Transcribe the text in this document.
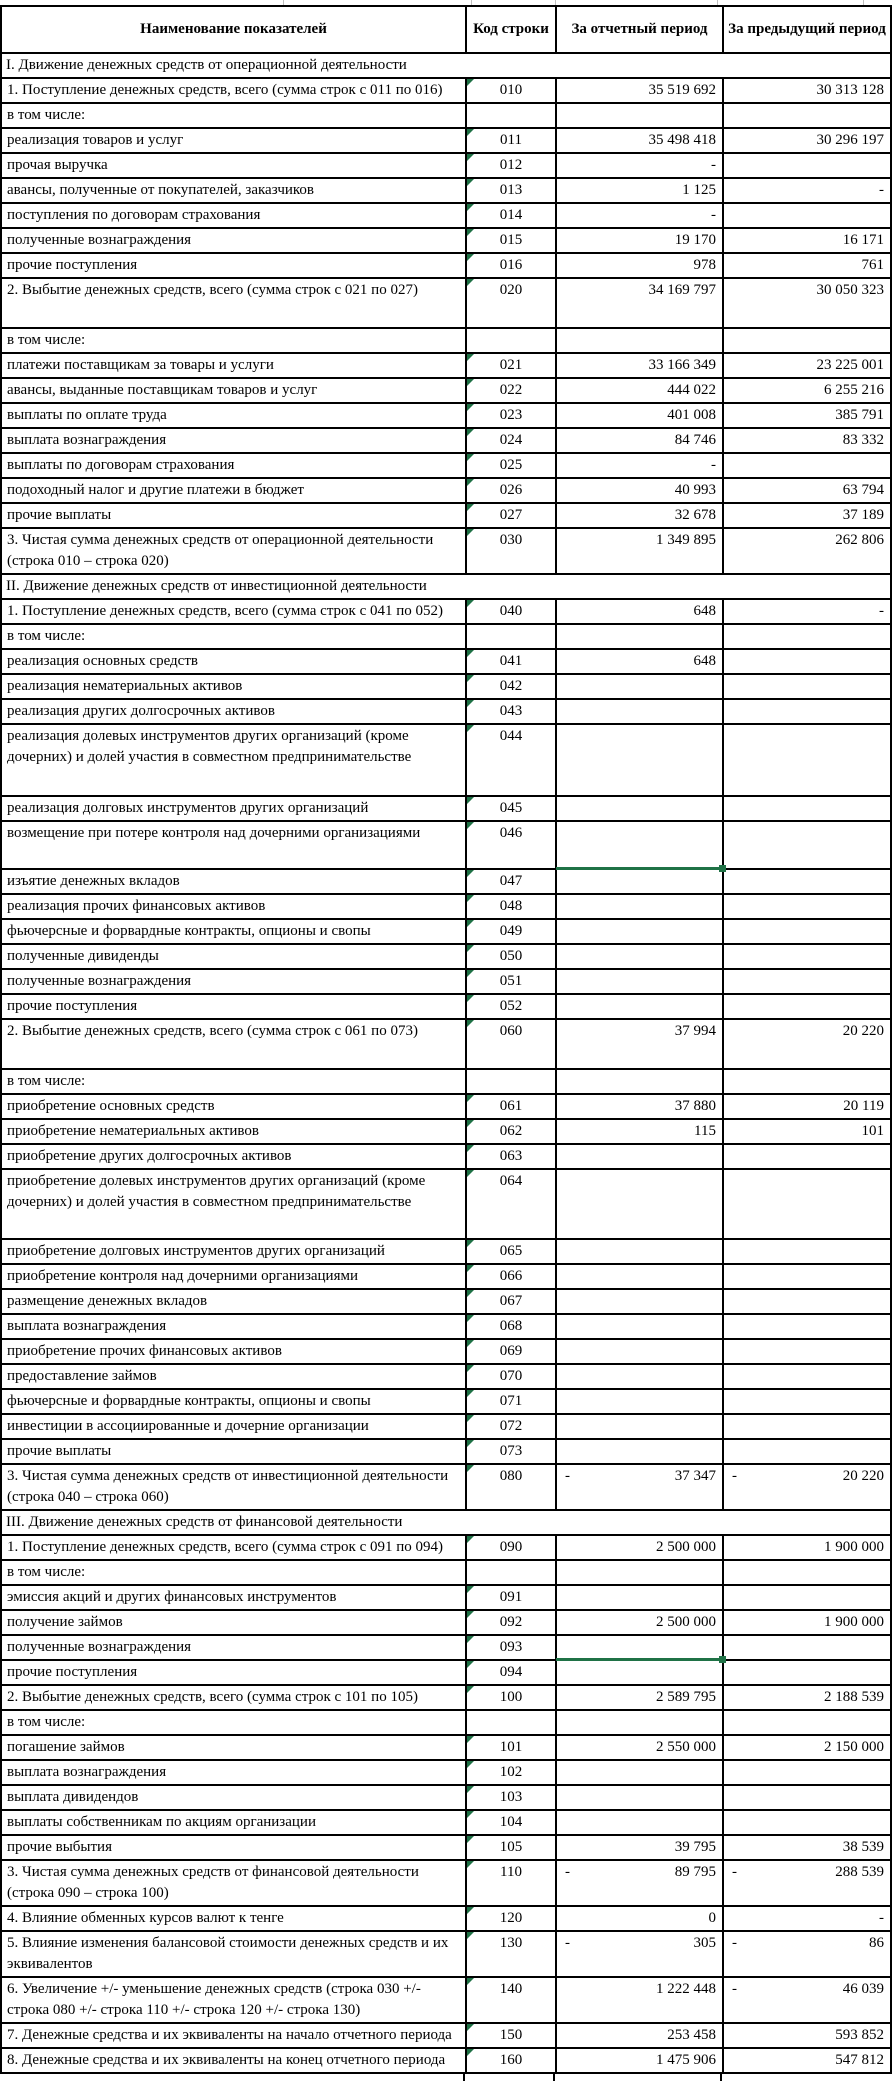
Наименование показателей	Код строки	За отчетный период	За предыдущий период
I. Движение денежных средств от операционной деятельности			
1. Поступление денежных средств, всего (сумма строк с 011 по 016)	010	35 519 692	30 313 128
в том числе:			
реализация товаров и услуг	011	35 498 418	30 296 197
прочая выручка	012	-	
авансы, полученные от покупателей, заказчиков	013	1 125	-
поступления по договорам страхования	014	-	
полученные вознаграждения	015	19 170	16 171
прочие поступления	016	978	761
2. Выбытие денежных средств, всего (сумма строк с 021 по 027)	020	34 169 797	30 050 323
в том числе:			
платежи поставщикам за товары и услуги	021	33 166 349	23 225 001
авансы, выданные поставщикам товаров и услуг	022	444 022	6 255 216
выплаты по оплате труда	023	401 008	385 791
выплата вознаграждения	024	84 746	83 332
выплаты по договорам страхования	025	-	
подоходный налог и другие платежи в бюджет	026	40 993	63 794
прочие выплаты	027	32 678	37 189
3. Чистая сумма денежных средств от операционной деятельности (строка 010 – строка 020)	030	1 349 895	262 806
II. Движение денежных средств от инвестиционной деятельности			
1. Поступление денежных средств, всего (сумма строк с 041 по 052)	040	648	-
в том числе:			
реализация основных средств	041	648	
реализация нематериальных активов	042		
реализация других долгосрочных активов	043		
реализация долевых инструментов других организаций (кроме дочерних) и долей участия в совместном предпринимательстве	044		
реализация долговых инструментов других организаций	045		
возмещение при потере контроля над дочерними организациями	046	

изъятие денежных вкладов	047		
реализация прочих финансовых активов	048		
фьючерсные и форвардные контракты, опционы и свопы	049		
полученные дивиденды	050		
полученные вознаграждения	051		
прочие поступления	052		
2. Выбытие денежных средств, всего (сумма строк с 061 по 073)	060	37 994	20 220
в том числе:			
приобретение основных средств	061	37 880	20 119
приобретение нематериальных активов	062	115	101
приобретение других долгосрочных активов	063		
приобретение долевых инструментов других организаций (кроме дочерних) и долей участия в совместном предпринимательстве	064		
приобретение долговых инструментов других организаций	065		
приобретение контроля над дочерними организациями	066		
размещение денежных вкладов	067		
выплата вознаграждения	068		
приобретение прочих финансовых активов	069		
предоставление займов	070		
фьючерсные и форвардные контракты, опционы и свопы	071		
инвестиции в ассоциированные и дочерние организации	072		
прочие выплаты	073		
3. Чистая сумма денежных средств от инвестиционной деятельности (строка 040 – строка 060)	080	- 37 347	- 20 220
III. Движение денежных средств от финансовой деятельности			
1. Поступление денежных средств, всего (сумма строк с 091 по 094)	090	2 500 000	1 900 000
в том числе:			
эмиссия акций и других финансовых инструментов	091		
получение займов	092	2 500 000	1 900 000
полученные вознаграждения	093	

прочие поступления	094		
2. Выбытие денежных средств, всего (сумма строк с 101 по 105)	100	2 589 795	2 188 539
в том числе:			
погашение займов	101	2 550 000	2 150 000
выплата вознаграждения	102		
выплата дивидендов	103		
выплаты собственникам по акциям организации	104		
прочие выбытия	105	39 795	38 539
3. Чистая сумма денежных средств от финансовой деятельности (строка 090 – строка 100)	110	- 89 795	- 288 539
4. Влияние обменных курсов валют к тенге	120	0	-
5. Влияние изменения балансовой стоимости денежных средств и их эквивалентов	130	- 305	- 86
6. Увеличение +/- уменьшение денежных средств (строка 030 +/- строка 080 +/- строка 110 +/- строка 120 +/- строка 130)	140	1 222 448	- 46 039
7. Денежные средства и их эквиваленты на начало отчетного периода	150	253 458	593 852
8. Денежные средства и их эквиваленты на конец отчетного периода	160	1 475 906	547 812
